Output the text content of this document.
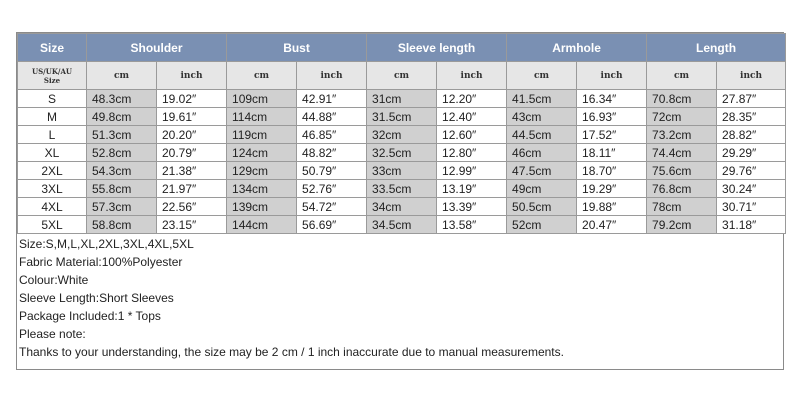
Size	Shoulder		Bust		Sleeve length		Armhole		Length	

US/UK/AU
Size	cm	inch	cm	inch	cm	inch	cm	inch	cm	inch
S	48.3cm	19.02″	109cm	42.91″	31cm	12.20″	41.5cm	16.34″	70.8cm	27.87″
M	49.8cm	19.61″	114cm	44.88″	31.5cm	12.40″	43cm	16.93″	72cm	28.35″
L	51.3cm	20.20″	119cm	46.85″	32cm	12.60″	44.5cm	17.52″	73.2cm	28.82″
XL	52.8cm	20.79″	124cm	48.82″	32.5cm	12.80″	46cm	18.11″	74.4cm	29.29″
2XL	54.3cm	21.38″	129cm	50.79″	33cm	12.99″	47.5cm	18.70″	75.6cm	29.76″
3XL	55.8cm	21.97″	134cm	52.76″	33.5cm	13.19″	49cm	19.29″	76.8cm	30.24″
4XL	57.3cm	22.56″	139cm	54.72″	34cm	13.39″	50.5cm	19.88″	78cm	30.71″
5XL	58.8cm	23.15″	144cm	56.69″	34.5cm	13.58″	52cm	20.47″	79.2cm	31.18″
Size:S,M,L,XL,2XL,3XL,4XL,5XL
Fabric Material:100%Polyester
Colour:White
Sleeve Length:Short Sleeves
Package Included:1 * Tops
Please note:
Thanks to your understanding, the size may be 2 cm / 1 inch inaccurate due to manual measurements.
